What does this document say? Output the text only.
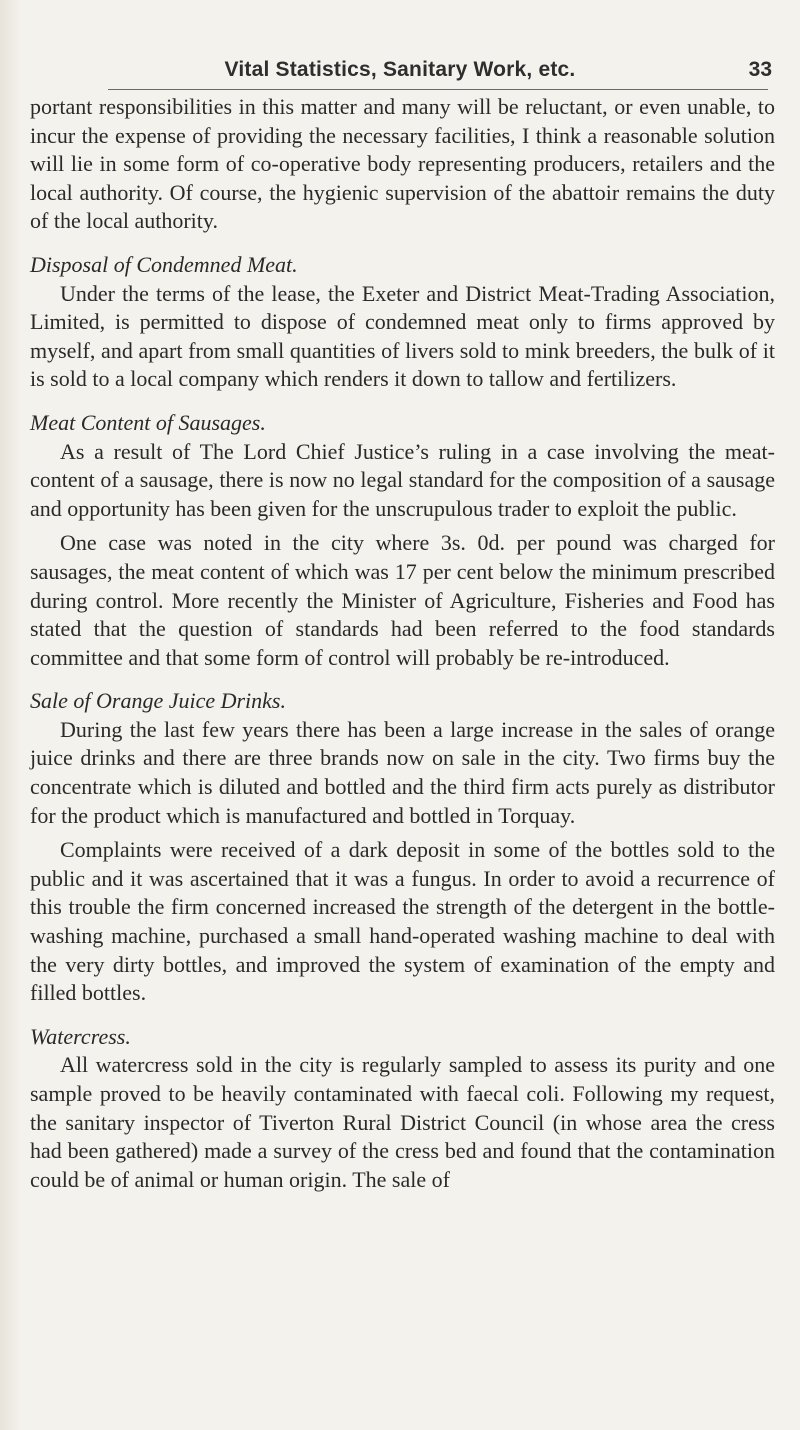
Vital Statistics, Sanitary Work, etc.	33

portant responsibilities in this matter and many will be reluctant, or even unable, to incur the expense of providing the necessary facilities, I think a reasonable solution will lie in some form of co-operative body representing producers, retailers and the local authority. Of course, the hygienic supervision of the abattoir remains the duty of the local authority.

Disposal of Condemned Meat.

Under the terms of the lease, the Exeter and District Meat-Trading Association, Limited, is permitted to dispose of condemned meat only to firms approved by myself, and apart from small quantities of livers sold to mink breeders, the bulk of it is sold to a local company which renders it down to tallow and fertilizers.

Meat Content of Sausages.

As a result of The Lord Chief Justice’s ruling in a case involving the meat-content of a sausage, there is now no legal standard for the composition of a sausage and opportunity has been given for the unscrupulous trader to exploit the public.

One case was noted in the city where 3s. 0d. per pound was charged for sausages, the meat content of which was 17 per cent below the minimum prescribed during control. More recently the Minister of Agriculture, Fisheries and Food has stated that the question of standards had been referred to the food standards committee and that some form of control will probably be re-introduced.

Sale of Orange Juice Drinks.

During the last few years there has been a large increase in the sales of orange juice drinks and there are three brands now on sale in the city. Two firms buy the concentrate which is diluted and bottled and the third firm acts purely as distributor for the product which is manufactured and bottled in Torquay.

Complaints were received of a dark deposit in some of the bottles sold to the public and it was ascertained that it was a fungus. In order to avoid a recurrence of this trouble the firm concerned increased the strength of the detergent in the bottle-washing machine, purchased a small hand-operated washing machine to deal with the very dirty bottles, and improved the system of examination of the empty and filled bottles.

Watercress.

All watercress sold in the city is regularly sampled to assess its purity and one sample proved to be heavily contaminated with faecal coli. Following my request, the sanitary inspector of Tiverton Rural District Council (in whose area the cress had been gathered) made a survey of the cress bed and found that the contamination could be of animal or human origin. The sale of
